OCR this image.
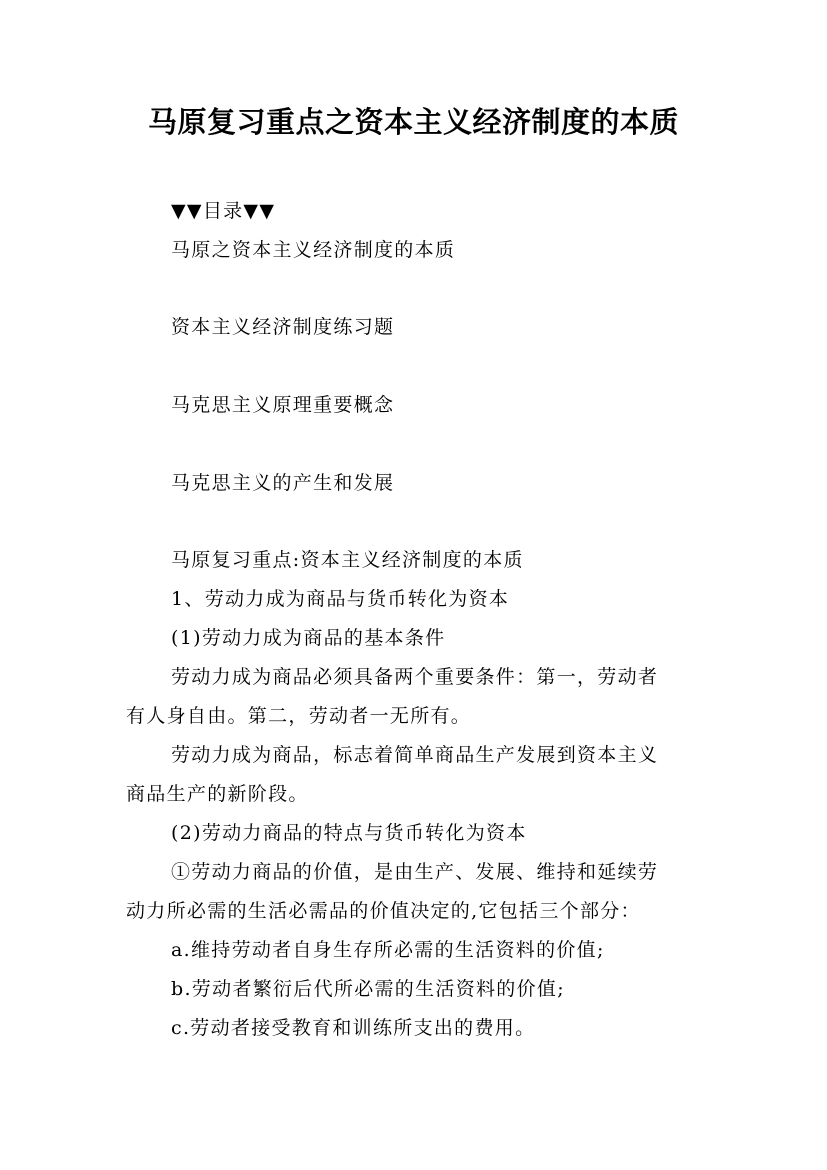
马原复习重点之资本主义经济制度的本质
▼▼目录▼▼
马原之资本主义经济制度的本质
资本主义经济制度练习题
马克思主义原理重要概念
马克思主义的产生和发展
马原复习重点:资本主义经济制度的本质
1、劳动力成为商品与货币转化为资本
(1)劳动力成为商品的基本条件
劳动力成为商品必须具备两个重要条件：第一，劳动者
有人身自由。第二，劳动者一无所有。
劳动力成为商品，标志着简单商品生产发展到资本主义
商品生产的新阶段。
(2)劳动力商品的特点与货币转化为资本
①劳动力商品的价值，是由生产、发展、维持和延续劳
动力所必需的生活必需品的价值决定的,它包括三个部分：
a.维持劳动者自身生存所必需的生活资料的价值;
b.劳动者繁衍后代所必需的生活资料的价值;
c.劳动者接受教育和训练所支出的费用。
